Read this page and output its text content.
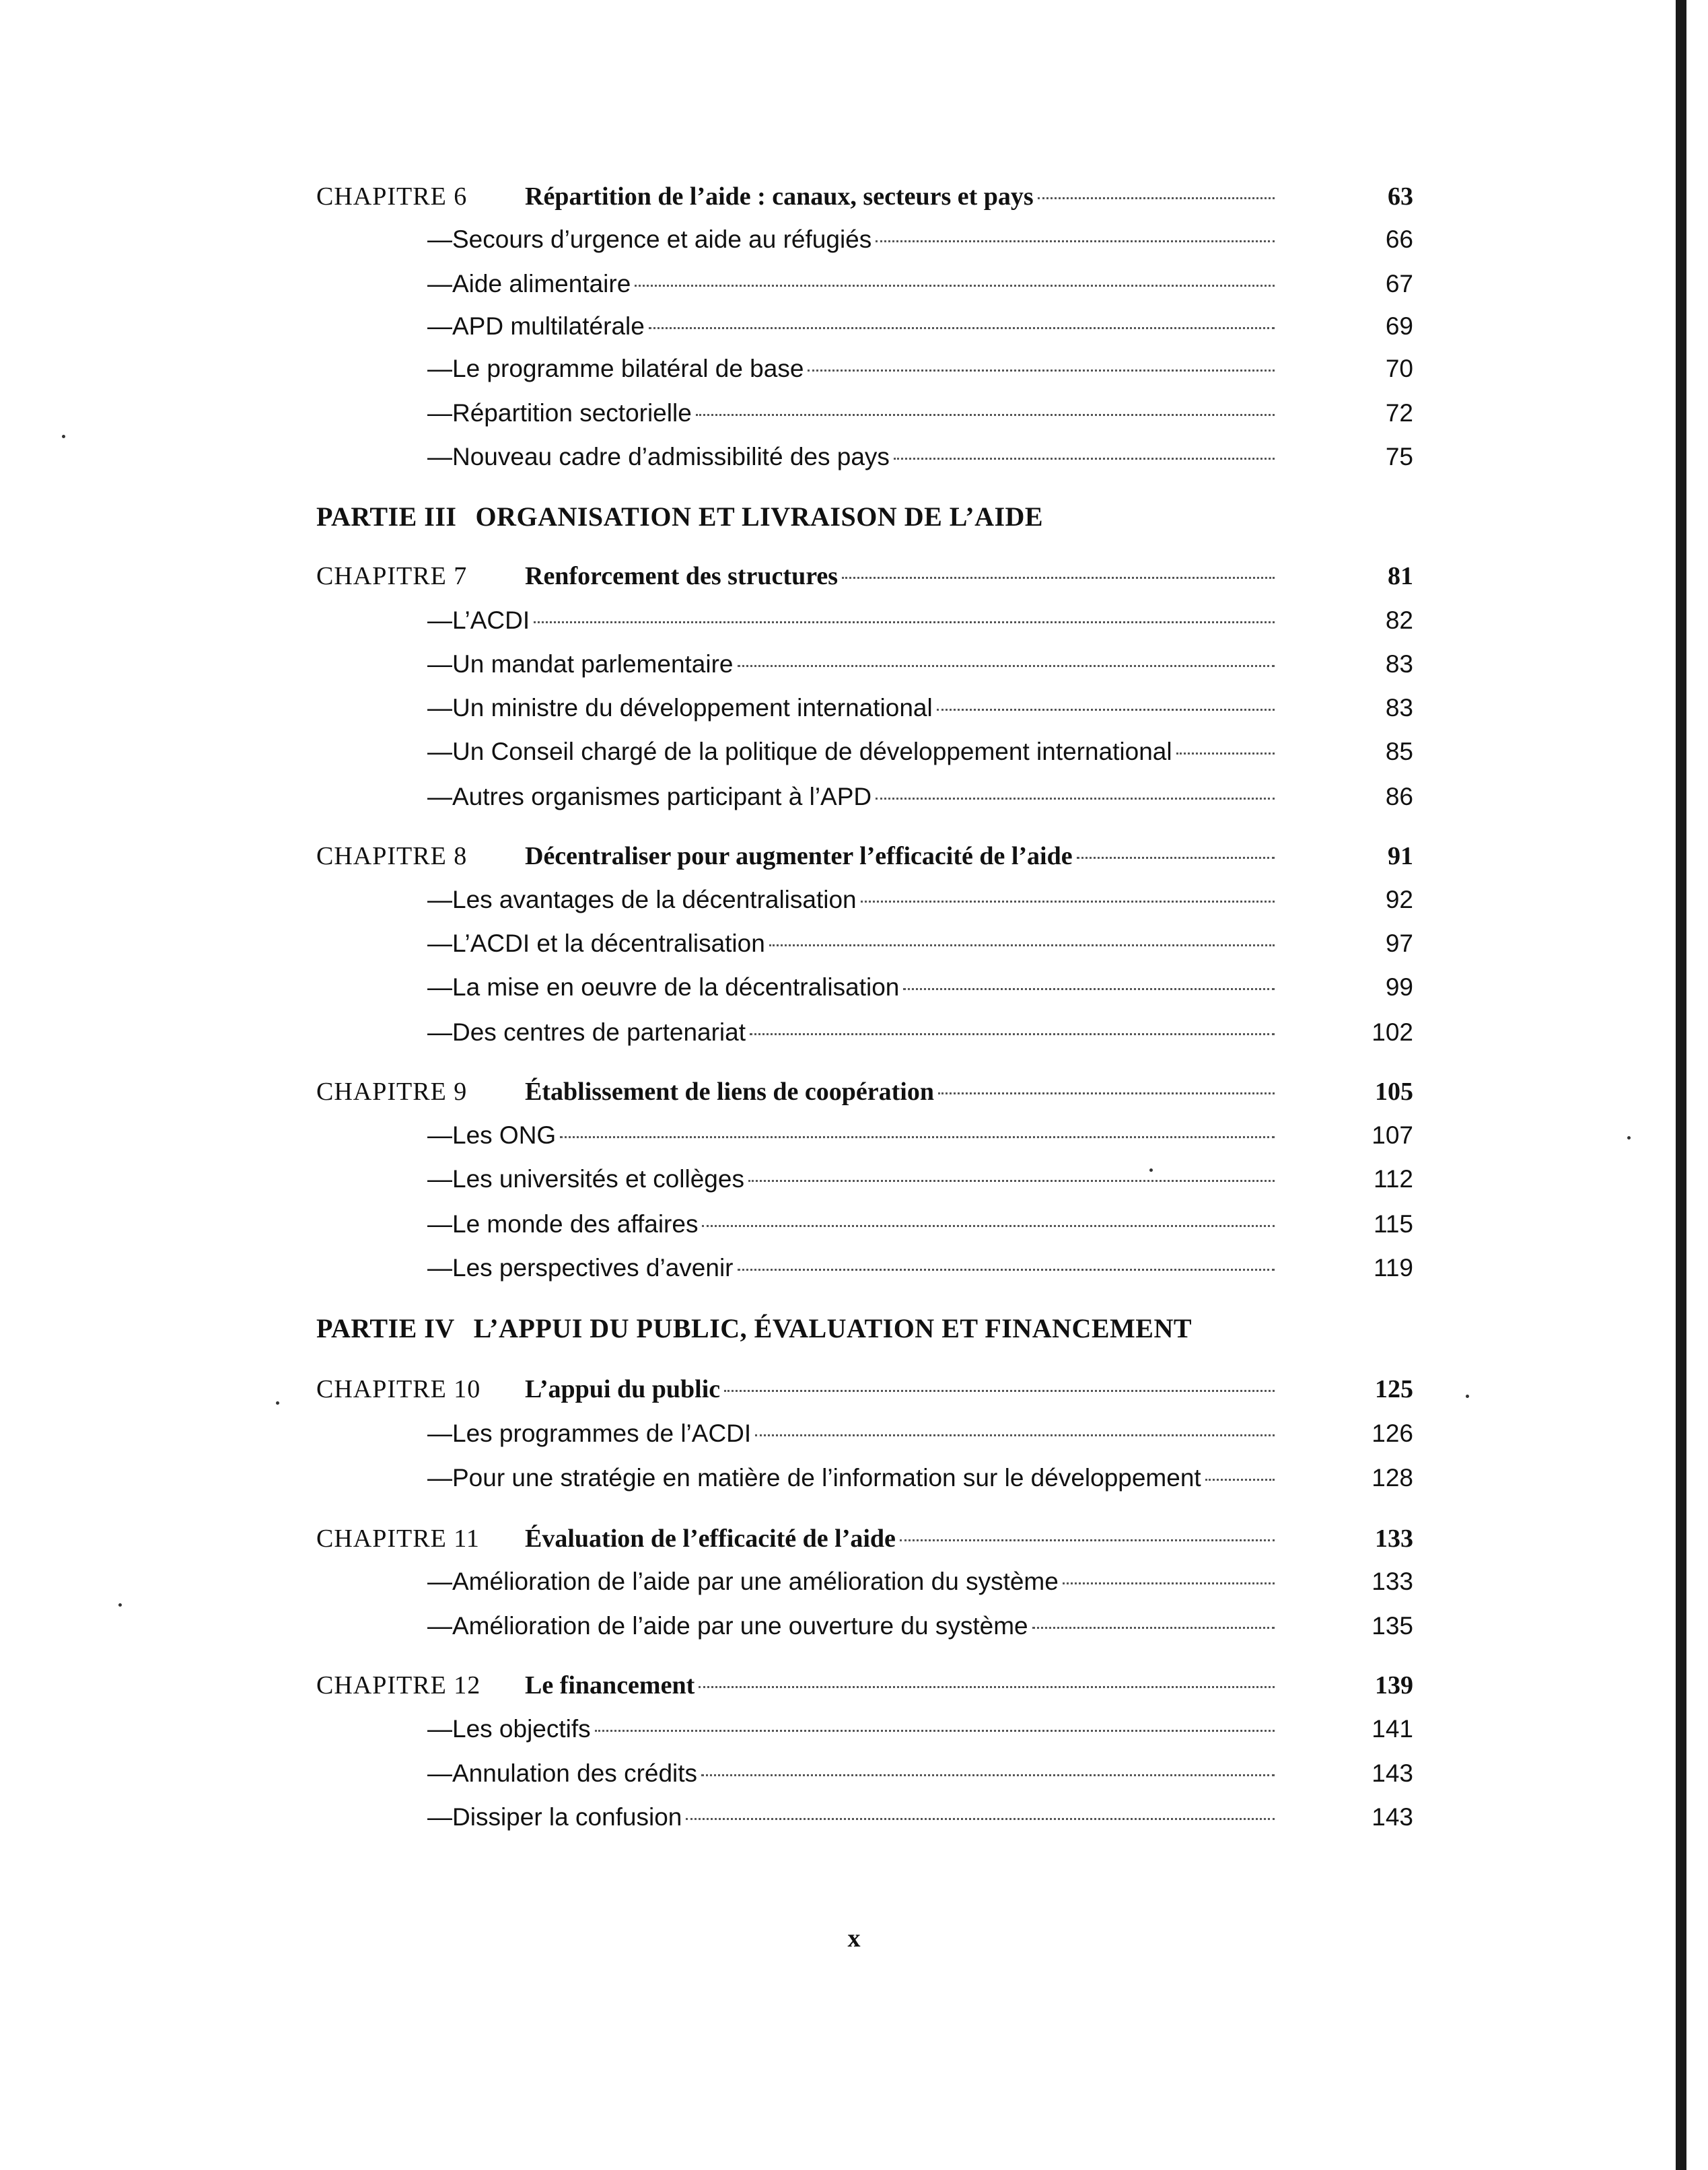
CHAPITRE 6	Répartition de l’aide : canaux, secteurs et pays	63
—Secours d’urgence et aide au réfugiés	66
—Aide alimentaire	67
—APD multilatérale	69
—Le programme bilatéral de base	70
—Répartition sectorielle	72
—Nouveau cadre d’admissibilité des pays	75
PARTIE III ORGANISATION ET LIVRAISON DE L’AIDE
CHAPITRE 7	Renforcement des structures	81
—L’ACDI	82
—Un mandat parlementaire	83
—Un ministre du développement international	83
—Un Conseil chargé de la politique de développement international	85
—Autres organismes participant à l’APD	86
CHAPITRE 8	Décentraliser pour augmenter l’efficacité de l’aide	91
—Les avantages de la décentralisation	92
—L’ACDI et la décentralisation	97
—La mise en oeuvre de la décentralisation	99
—Des centres de partenariat	102
CHAPITRE 9	Établissement de liens de coopération	105
—Les ONG	107
—Les universités et collèges	112
—Le monde des affaires	115
—Les perspectives d’avenir	119
PARTIE IV L’APPUI DU PUBLIC, ÉVALUATION ET FINANCEMENT
CHAPITRE 10	L’appui du public	125
—Les programmes de l’ACDI	126
—Pour une stratégie en matière de l’information sur le développement	128
CHAPITRE 11	Évaluation de l’efficacité de l’aide	133
—Amélioration de l’aide par une amélioration du système	133
—Amélioration de l’aide par une ouverture du système	135
CHAPITRE 12	Le financement	139
—Les objectifs	141
—Annulation des crédits	143
—Dissiper la confusion	143
x
